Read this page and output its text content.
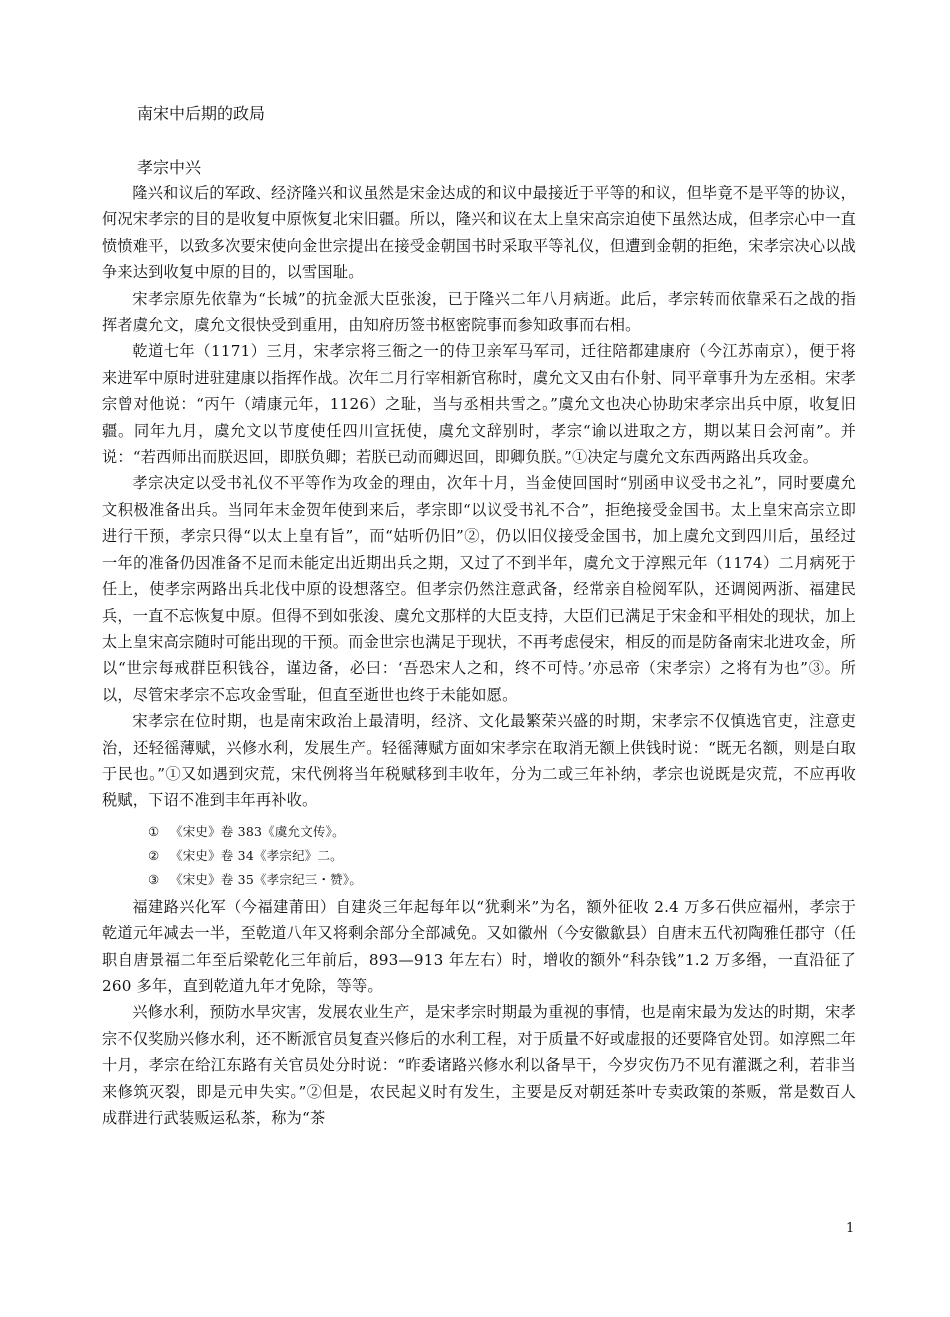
南宋中后期的政局
孝宗中兴

隆兴和议后的军政、经济隆兴和议虽然是宋金达成的和议中最接近于平等的和议，但毕竟不是平等的协议，何况宋孝宗的目的是收复中原恢复北宋旧疆。所以，隆兴和议在太上皇宋高宗迫使下虽然达成，但孝宗心中一直愤愤难平，以致多次要宋使向金世宗提出在接受金朝国书时采取平等礼仪，但遭到金朝的拒绝，宋孝宗决心以战争来达到收复中原的目的，以雪国耻。

宋孝宗原先依靠为“长城”的抗金派大臣张浚，已于隆兴二年八月病逝。此后，孝宗转而依靠采石之战的指挥者虞允文，虞允文很快受到重用，由知府历签书枢密院事而参知政事而右相。

乾道七年（1171）三月，宋孝宗将三衙之一的侍卫亲军马军司，迁往陪都建康府（今江苏南京），便于将来进军中原时进驻建康以指挥作战。次年二月行宰相新官称时，虞允文又由右仆射、同平章事升为左丞相。宋孝宗曾对他说：“丙午（靖康元年，1126）之耻，当与丞相共雪之。”虞允文也决心协助宋孝宗出兵中原，收复旧疆。同年九月，虞允文以节度使任四川宣抚使，虞允文辞别时，孝宗“谕以进取之方，期以某日会河南”。并说：“若西师出而朕迟回，即朕负卿；若朕已动而卿迟回，即卿负朕。”①决定与虞允文东西两路出兵攻金。

孝宗决定以受书礼仪不平等作为攻金的理由，次年十月，当金使回国时“别函申议受书之礼”，同时要虞允文积极准备出兵。当同年末金贺年使到来后，孝宗即“以议受书礼不合”，拒绝接受金国书。太上皇宋高宗立即进行干预，孝宗只得“以太上皇有旨”，而“姑听仍旧”②，仍以旧仪接受金国书，加上虞允文到四川后，虽经过一年的准备仍因准备不足而未能定出近期出兵之期，又过了不到半年，虞允文于淳熙元年（1174）二月病死于任上，使孝宗两路出兵北伐中原的设想落空。但孝宗仍然注意武备，经常亲自检阅军队，还调阅两浙、福建民兵，一直不忘恢复中原。但得不到如张浚、虞允文那样的大臣支持，大臣们已满足于宋金和平相处的现状，加上太上皇宋高宗随时可能出现的干预。而金世宗也满足于现状，不再考虑侵宋，相反的而是防备南宋北进攻金，所以“世宗每戒群臣积钱谷，谨边备，必曰：‘吾恐宋人之和，终不可恃。’亦忌帝（宋孝宗）之将有为也”③。所以，尽管宋孝宗不忘攻金雪耻，但直至逝世也终于未能如愿。

宋孝宗在位时期，也是南宋政治上最清明，经济、文化最繁荣兴盛的时期，宋孝宗不仅慎选官吏，注意吏治，还轻徭薄赋，兴修水利，发展生产。轻徭薄赋方面如宋孝宗在取消无额上供钱时说：“既无名额，则是白取于民也。”①又如遇到灾荒，宋代例将当年税赋移到丰收年，分为二或三年补纳，孝宗也说既是灾荒，不应再收税赋，下诏不准到丰年再补收。

① 《宋史》卷 383《虞允文传》。
② 《宋史》卷 34《孝宗纪》二。
③ 《宋史》卷 35《孝宗纪三・赞》。

福建路兴化军（今福建莆田）自建炎三年起每年以“犹剩米”为名，额外征收 2.4 万多石供应福州，孝宗于乾道元年减去一半，至乾道八年又将剩余部分全部减免。又如徽州（今安徽歙县）自唐末五代初陶雅任郡守（任职自唐景福二年至后梁乾化三年前后，893—913 年左右）时，增收的额外“科杂钱”1.2 万多缗，一直沿征了 260 多年，直到乾道九年才免除，等等。

兴修水利，预防水旱灾害，发展农业生产，是宋孝宗时期最为重视的事情，也是南宋最为发达的时期，宋孝宗不仅奖励兴修水利，还不断派官员复查兴修后的水利工程，对于质量不好或虚报的还要降官处罚。如淳熙二年十月，孝宗在给江东路有关官员处分时说：“昨委诸路兴修水利以备旱干，今岁灾伤乃不见有灌溉之利，若非当来修筑灭裂，即是元申失实。”②但是，农民起义时有发生，主要是反对朝廷茶叶专卖政策的茶贩，常是数百人成群进行武装贩运私茶，称为“茶

1
